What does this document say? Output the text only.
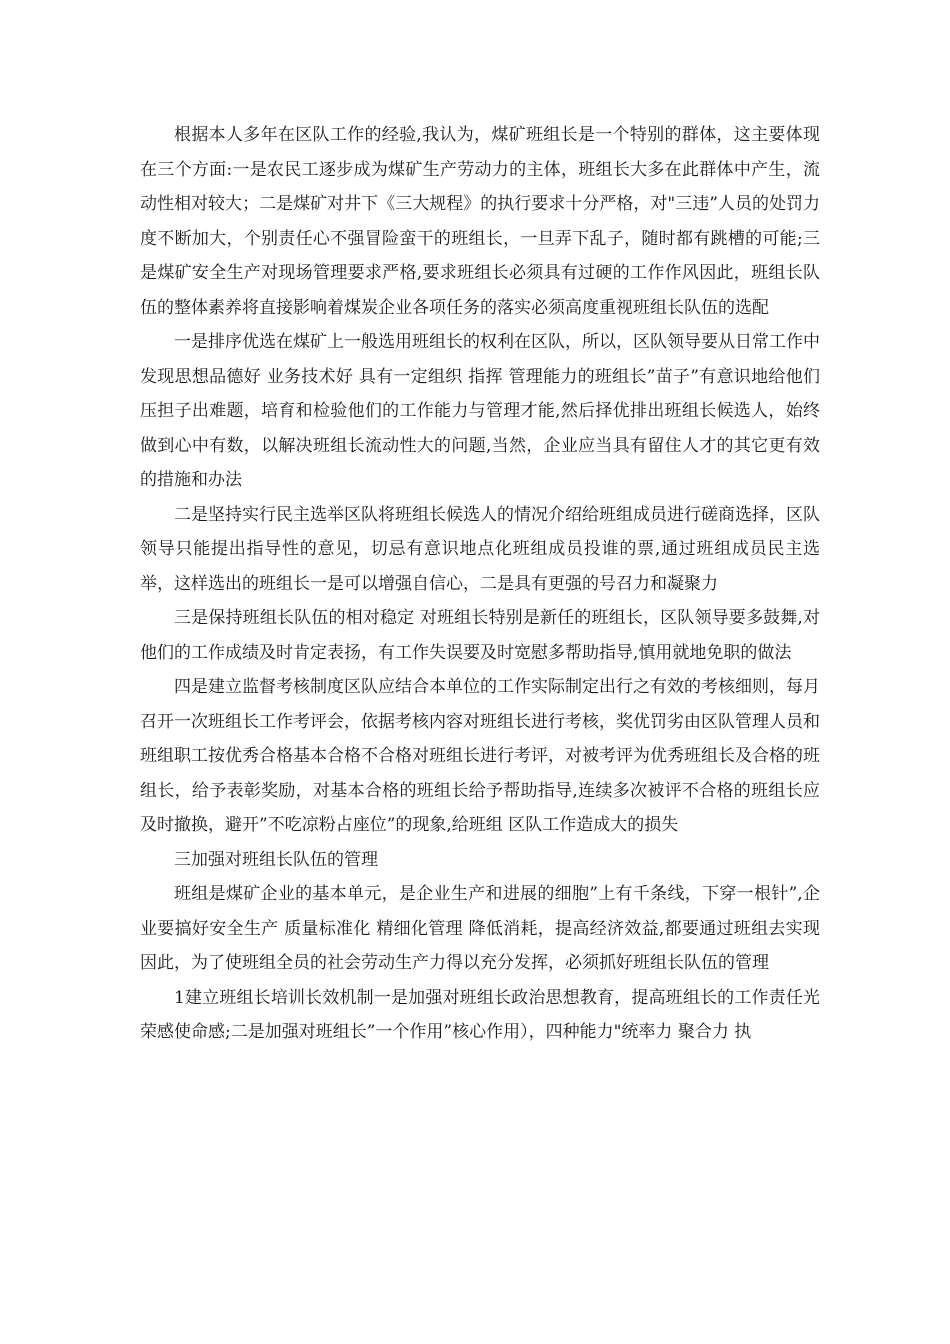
根据本人多年在区队工作的经验,我认为，煤矿班组长是一个特别的群体，这主要体现在三个方面:一是农民工逐步成为煤矿生产劳动力的主体，班组长大多在此群体中产生，流动性相对较大；二是煤矿对井下《三大规程》的执行要求十分严格，对"三违”人员的处罚力度不断加大，个别责任心不强冒险蛮干的班组长，一旦弄下乱子，随时都有跳槽的可能;三是煤矿安全生产对现场管理要求严格,要求班组长必须具有过硬的工作作风因此，班组长队伍的整体素养将直接影响着煤炭企业各项任务的落实必须高度重视班组长队伍的选配

一是排序优选在煤矿上一般选用班组长的权利在区队，所以，区队领导要从日常工作中发现思想品德好 业务技术好 具有一定组织 指挥 管理能力的班组长”苗子”有意识地给他们压担子出难题，培育和检验他们的工作能力与管理才能,然后择优排出班组长候选人，始终做到心中有数，以解决班组长流动性大的问题,当然，企业应当具有留住人才的其它更有效的措施和办法

二是坚持实行民主选举区队将班组长候选人的情况介绍给班组成员进行磋商选择，区队领导只能提出指导性的意见，切忌有意识地点化班组成员投谁的票,通过班组成员民主选举，这样选出的班组长一是可以增强自信心，二是具有更强的号召力和凝聚力

三是保持班组长队伍的相对稳定 对班组长特别是新任的班组长，区队领导要多鼓舞,对他们的工作成绩及时肯定表扬，有工作失误要及时宽慰多帮助指导,慎用就地免职的做法

四是建立监督考核制度区队应结合本单位的工作实际制定出行之有效的考核细则，每月召开一次班组长工作考评会，依据考核内容对班组长进行考核，奖优罚劣由区队管理人员和班组职工按优秀合格基本合格不合格对班组长进行考评，对被考评为优秀班组长及合格的班组长，给予表彰奖励，对基本合格的班组长给予帮助指导,连续多次被评不合格的班组长应及时撤换，避开”不吃凉粉占座位”的现象,给班组 区队工作造成大的损失

三加强对班组长队伍的管理

班组是煤矿企业的基本单元，是企业生产和进展的细胞”上有千条线，下穿一根针”,企业要搞好安全生产 质量标准化 精细化管理 降低消耗，提高经济效益,都要通过班组去实现因此，为了使班组全员的社会劳动生产力得以充分发挥，必须抓好班组长队伍的管理

1建立班组长培训长效机制一是加强对班组长政治思想教育，提高班组长的工作责任光荣感使命感;二是加强对班组长”一个作用”核心作用），四种能力"统率力 聚合力 执
